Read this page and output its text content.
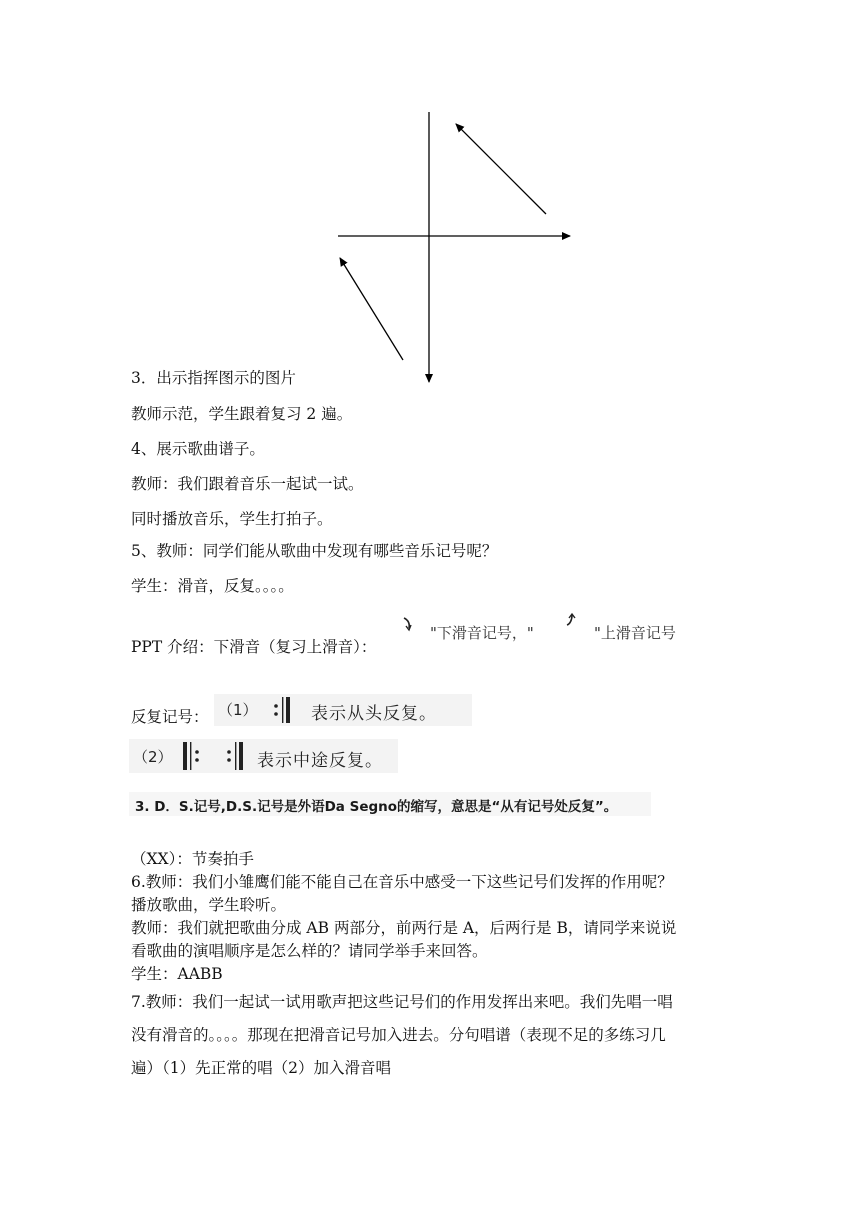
3．出示指挥图示的图片
教师示范，学生跟着复习 2 遍。
4、展示歌曲谱子。
教师：我们跟着音乐一起试一试。
同时播放音乐，学生打拍子。
5、教师：同学们能从歌曲中发现有哪些音乐记号呢？
学生：滑音，反复。。。。
PPT 介绍：下滑音（复习上滑音）：
"下滑音记号，"	"上滑音记号
反复记号： （1）	表示从头反复。
（2）	表示中途反复。
3. D．S.记号,D.S.记号是外语Da Segno的缩写，意思是“从有记号处反复”。
（XX）：节奏拍手
6.教师：我们小雏鹰们能不能自己在音乐中感受一下这些记号们发挥的作用呢？
播放歌曲，学生聆听。
教师：我们就把歌曲分成 AB 两部分，前两行是 A，后两行是 B，请同学来说说
看歌曲的演唱顺序是怎么样的？请同学举手来回答。
学生：AABB
7.教师：我们一起试一试用歌声把这些记号们的作用发挥出来吧。我们先唱一唱
没有滑音的。。。。那现在把滑音记号加入进去。分句唱谱（表现不足的多练习几
遍）（1）先正常的唱（2）加入滑音唱
